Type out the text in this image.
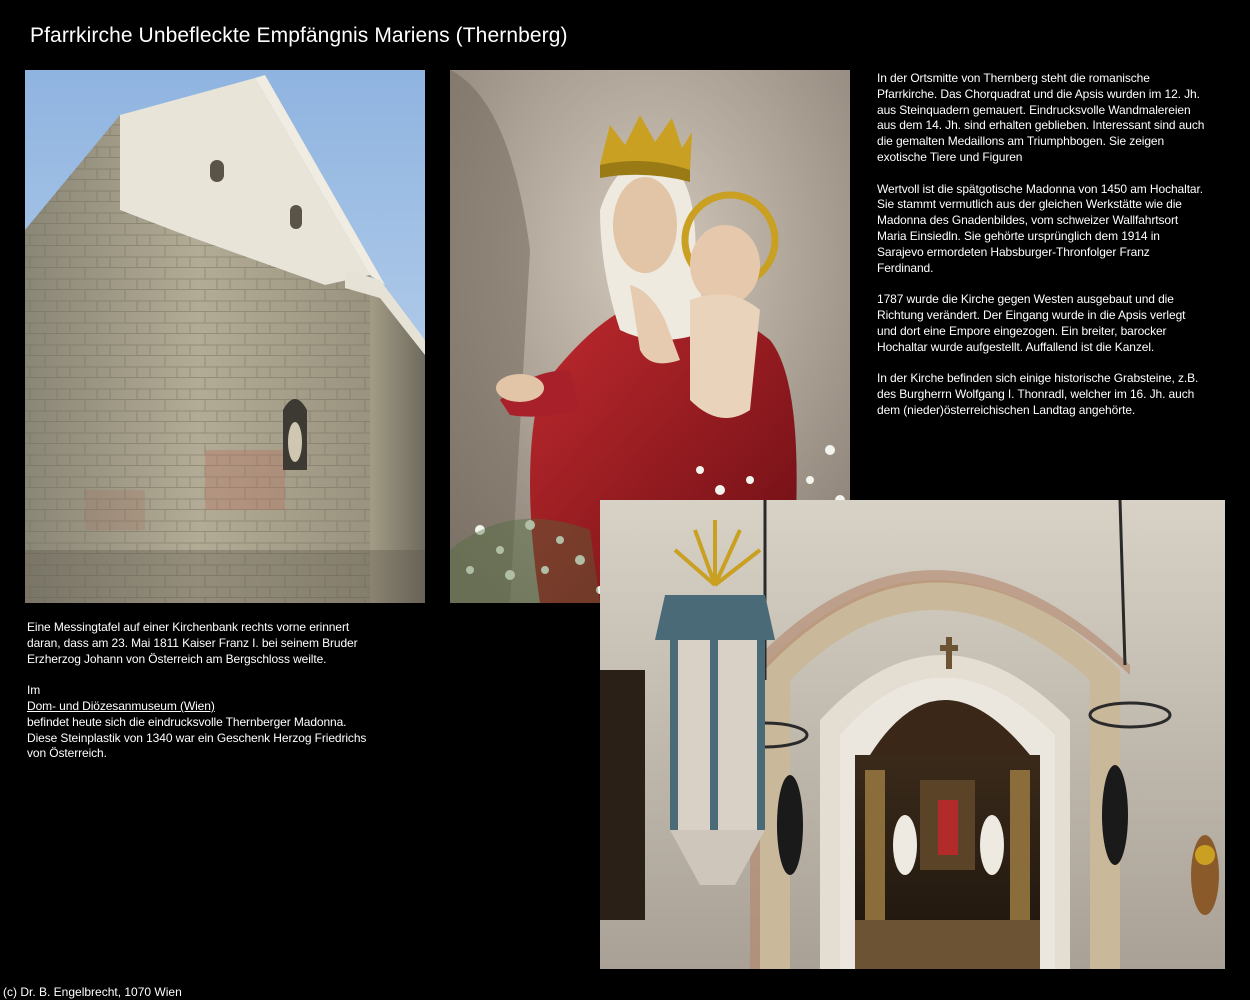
Pfarrkirche Unbefleckte Empfängnis Mariens (Thernberg)

In der Ortsmitte von Thernberg steht die romanische Pfarrkirche. Das Chorquadrat und die Apsis wurden im 12. Jh. aus Steinquadern gemauert. Eindrucksvolle Wandmalereien aus dem 14. Jh. sind erhalten geblieben. Interessant sind auch die gemalten Medaillons am Triumphbogen. Sie zeigen exotische Tiere und Figuren

Wertvoll ist die spätgotische Madonna von 1450 am Hochaltar. Sie stammt vermutlich aus der gleichen Werkstätte wie die Madonna des Gnadenbildes, vom schweizer Wallfahrtsort Maria Einsiedln. Sie gehörte ursprünglich dem 1914 in Sarajevo ermordeten Habsburger-Thronfolger Franz Ferdinand.

1787 wurde die Kirche gegen Westen ausgebaut und die Richtung verändert. Der Eingang wurde in die Apsis verlegt und dort eine Empore eingezogen. Ein breiter, barocker Hochaltar wurde aufgestellt. Auffallend ist die Kanzel.

In der Kirche befinden sich einige historische Grabsteine, z.B. des Burgherrn Wolfgang I. Thonradl, welcher im 16. Jh. auch dem (nieder)österreichischen Landtag angehörte.

Eine Messingtafel auf einer Kirchenbank rechts vorne erinnert daran, dass am 23. Mai 1811 Kaiser Franz I. bei seinem Bruder Erzherzog Johann von Österreich am Bergschloss weilte.

Im
Dom- und Diözesanmuseum (Wien)
befindet heute sich die eindrucksvolle Thernberger Madonna. Diese Steinplastik von 1340 war ein Geschenk Herzog Friedrichs von Österreich.

(c) Dr. B. Engelbrecht, 1070 Wien
